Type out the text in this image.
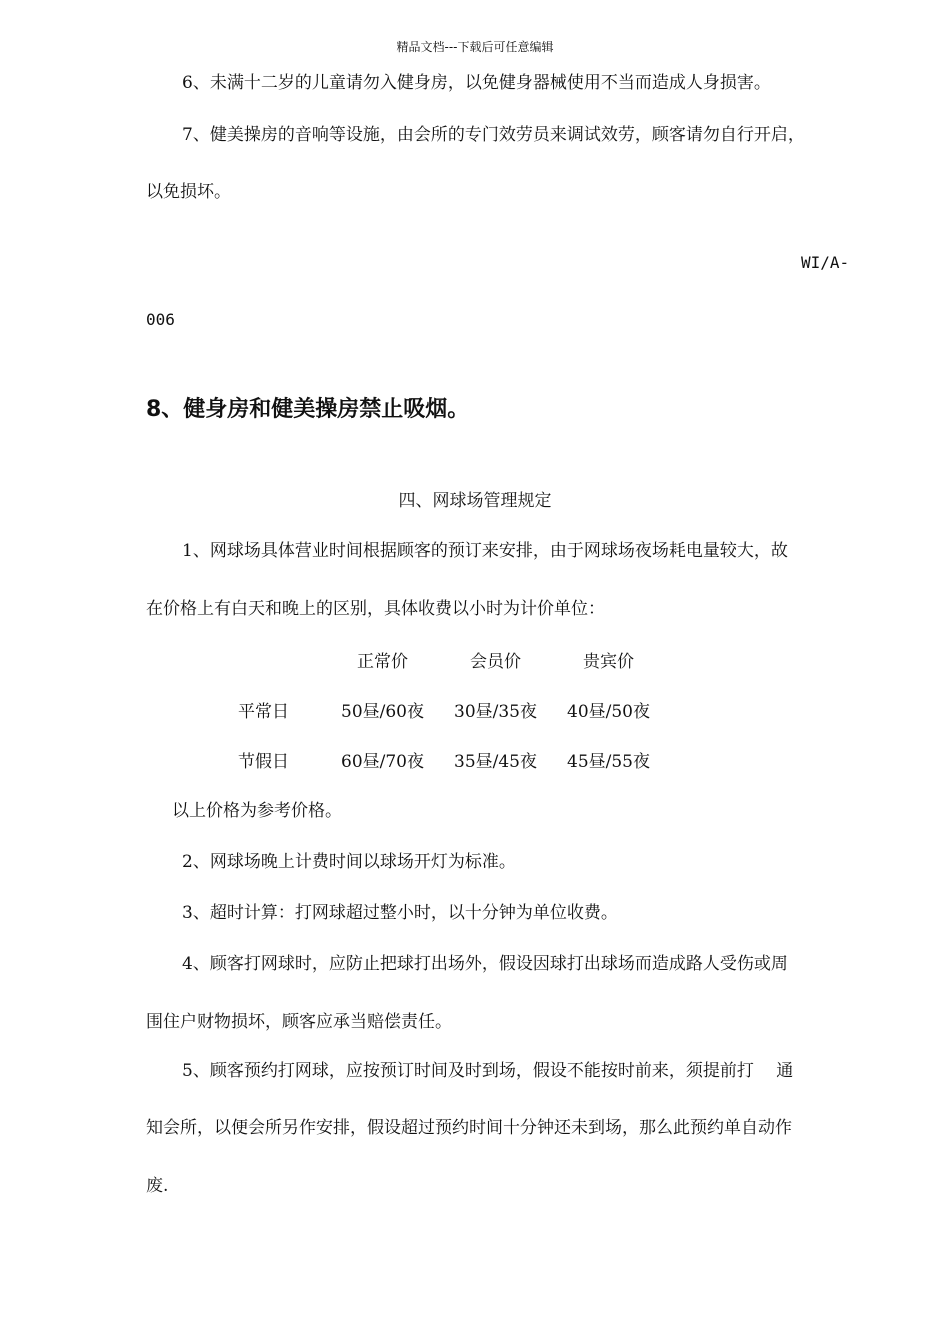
精品文档---下载后可任意编辑
6、未满十二岁的儿童请勿入健身房，以免健身器械使用不当而造成人身损害。
7、健美操房的音响等设施，由会所的专门效劳员来调试效劳，顾客请勿自行开启，
以免损坏。
WI/A-
006
8、健身房和健美操房禁止吸烟。
四、网球场管理规定
1、网球场具体营业时间根据顾客的预订来安排，由于网球场夜场耗电量较大，故
在价格上有白天和晚上的区别，具体收费以小时为计价单位：
	正常价	会员价	贵宾价
平常日	50昼/60夜	30昼/35夜	40昼/50夜
节假日	60昼/70夜	35昼/45夜	45昼/55夜
以上价格为参考价格。
2、网球场晚上计费时间以球场开灯为标准。
3、超时计算：打网球超过整小时，以十分钟为单位收费。
4、顾客打网球时，应防止把球打出场外，假设因球打出球场而造成路人受伤或周
围住户财物损坏，顾客应承当赔偿责任。
5、顾客预约打网球，应按预订时间及时到场，假设不能按时前来，须提前打　 通
知会所，以便会所另作安排，假设超过预约时间十分钟还未到场，那么此预约单自动作
废.
